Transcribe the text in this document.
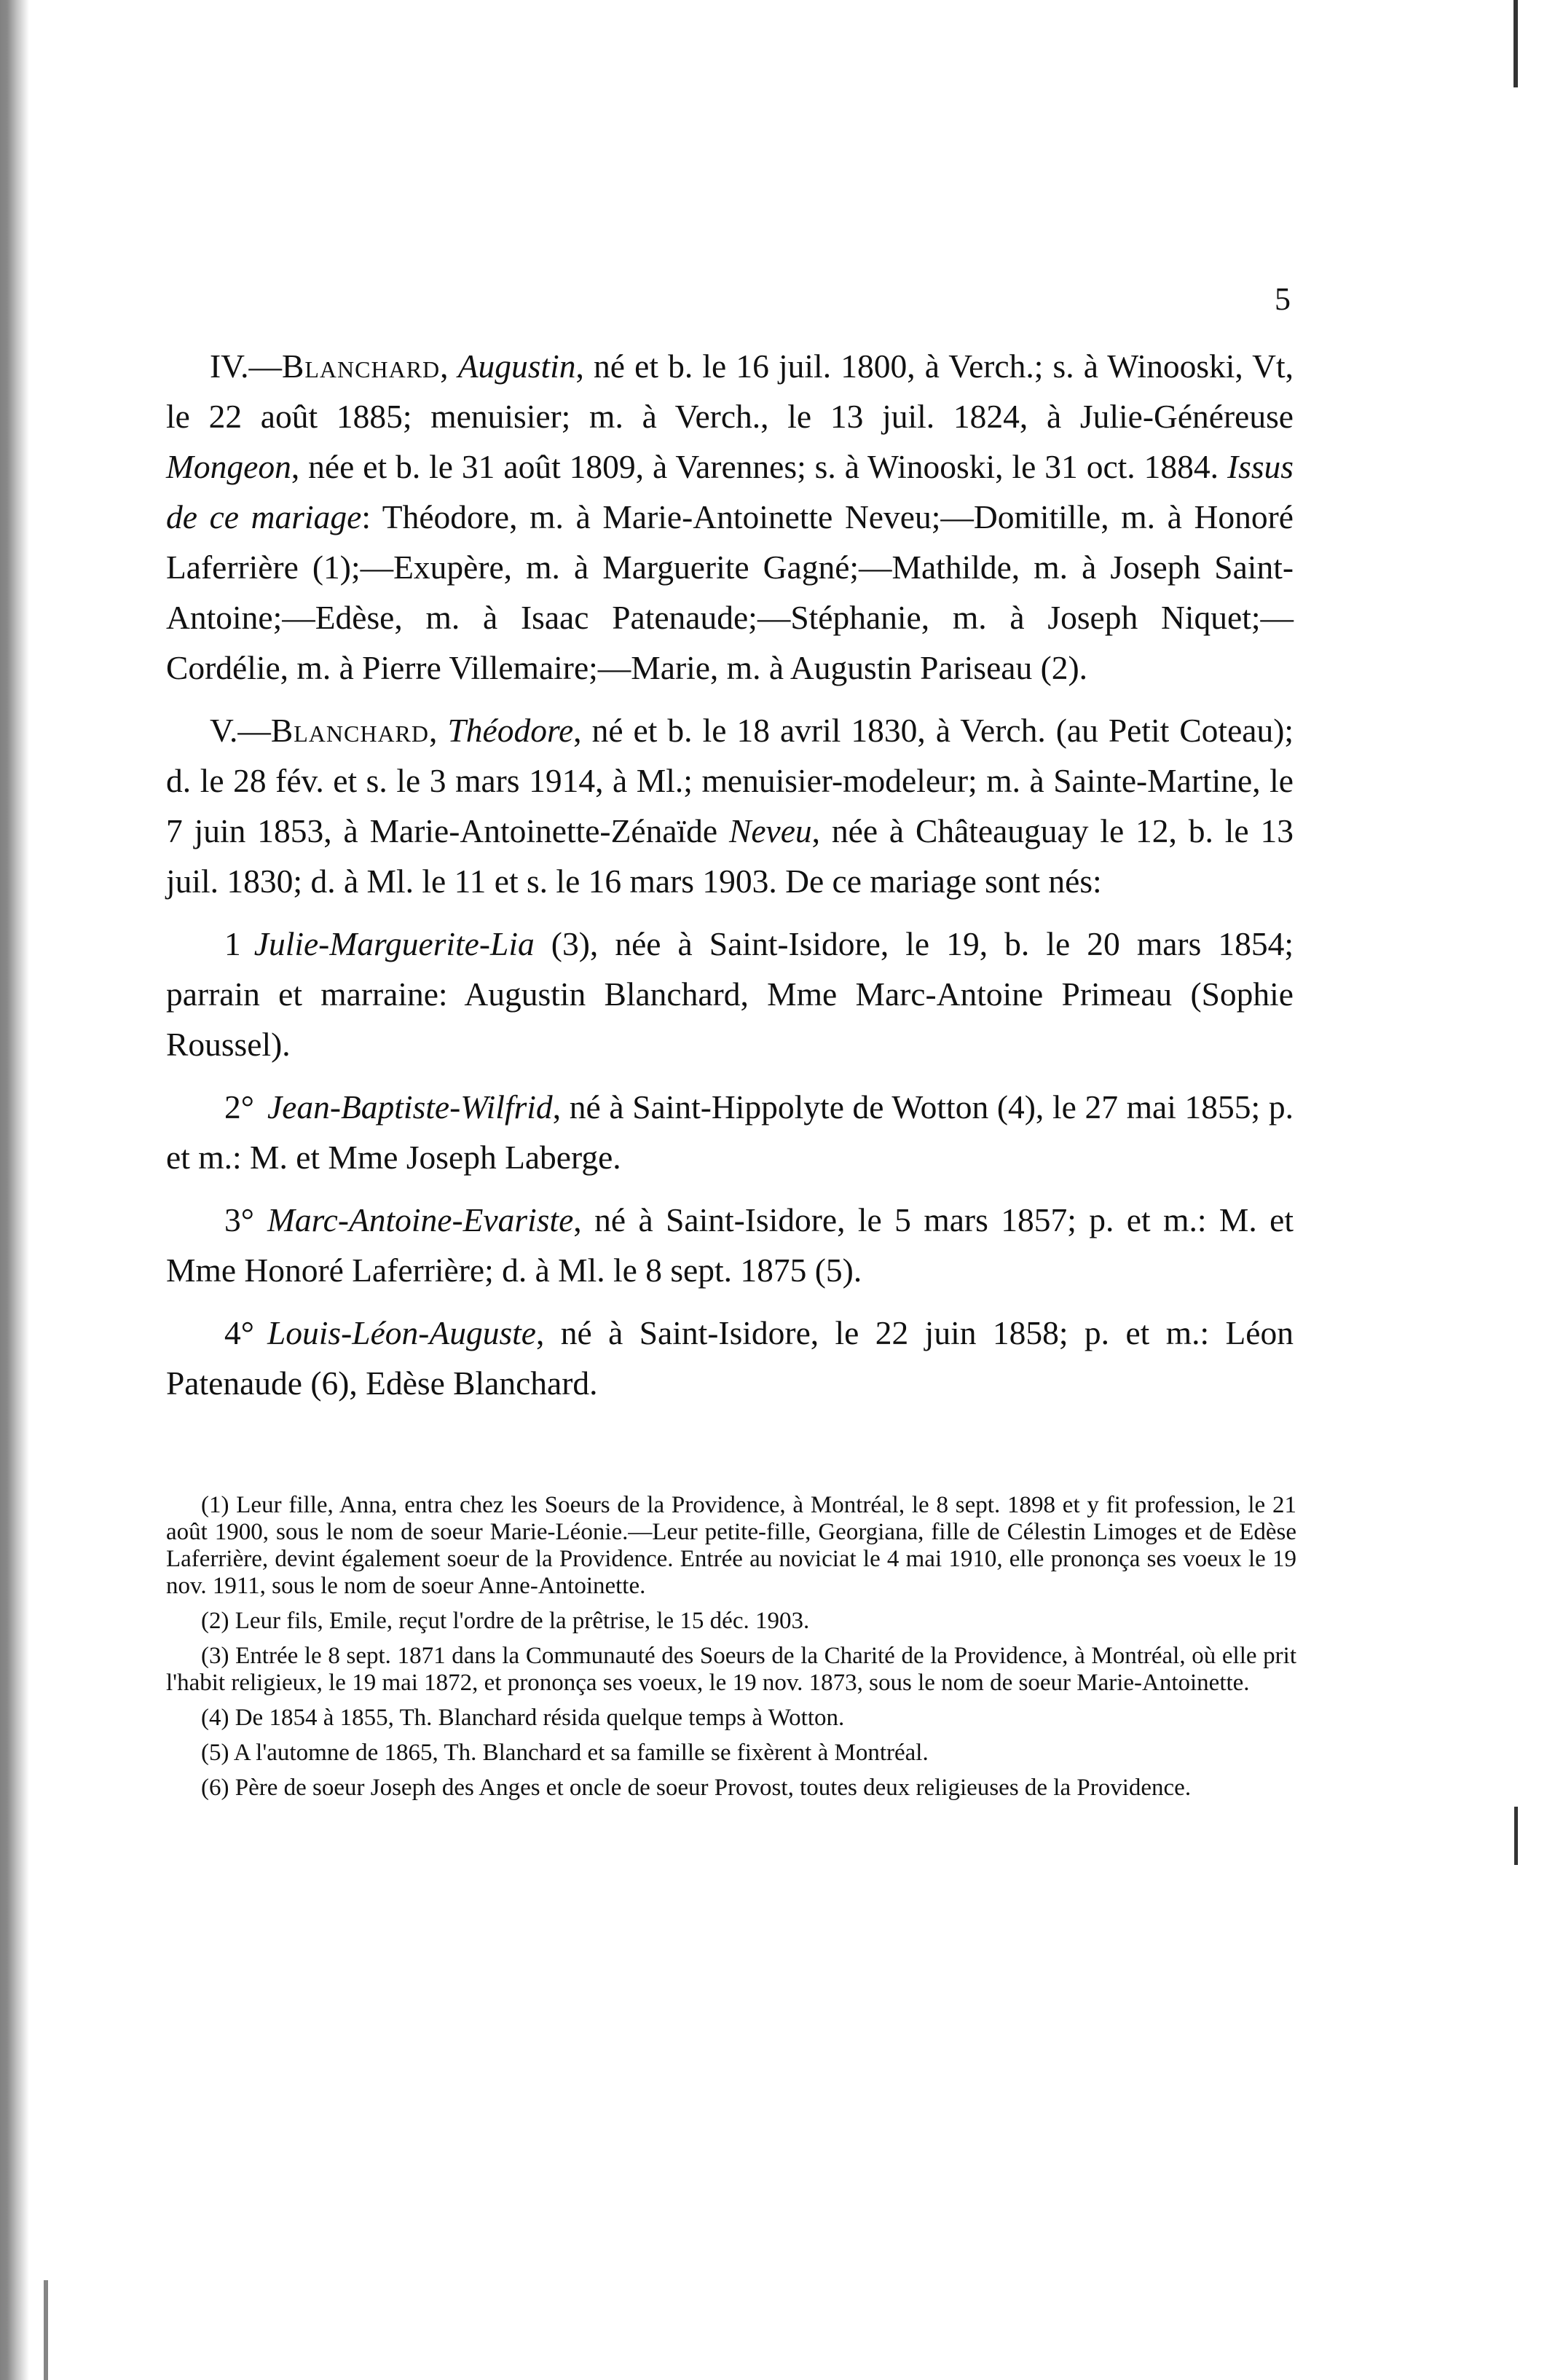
5

IV.—Blanchard, Augustin, né et b. le 16 juil. 1800, à Verch.; s. à Winooski, Vt, le 22 août 1885; menuisier; m. à Verch., le 13 juil. 1824, à Julie-Généreuse Mongeon, née et b. le 31 août 1809, à Varennes; s. à Winooski, le 31 oct. 1884. Issus de ce mariage: Théodore, m. à Marie-Antoinette Neveu;—Domitille, m. à Honoré Laferrière (1);—Exupère, m. à Marguerite Gagné;—Mathilde, m. à Joseph Saint-Antoine;—Edèse, m. à Isaac Patenaude;—Stéphanie, m. à Joseph Niquet;—Cordélie, m. à Pierre Villemaire;—Marie, m. à Augustin Pariseau (2).

V.—Blanchard, Théodore, né et b. le 18 avril 1830, à Verch. (au Petit Coteau); d. le 28 fév. et s. le 3 mars 1914, à Ml.; menuisier-modeleur; m. à Sainte-Martine, le 7 juin 1853, à Marie-Antoinette-Zénaïde Neveu, née à Châteauguay le 12, b. le 13 juil. 1830; d. à Ml. le 11 et s. le 16 mars 1903. De ce mariage sont nés:

1 Julie-Marguerite-Lia (3), née à Saint-Isidore, le 19, b. le 20 mars 1854; parrain et marraine: Augustin Blanchard, Mme Marc-Antoine Primeau (Sophie Roussel).

2° Jean-Baptiste-Wilfrid, né à Saint-Hippolyte de Wotton (4), le 27 mai 1855; p. et m.: M. et Mme Joseph Laberge.

3° Marc-Antoine-Evariste, né à Saint-Isidore, le 5 mars 1857; p. et m.: M. et Mme Honoré Laferrière; d. à Ml. le 8 sept. 1875 (5).

4° Louis-Léon-Auguste, né à Saint-Isidore, le 22 juin 1858; p. et m.: Léon Patenaude (6), Edèse Blanchard.

(1) Leur fille, Anna, entra chez les Soeurs de la Providence, à Montréal, le 8 sept. 1898 et y fit profession, le 21 août 1900, sous le nom de soeur Marie-Léonie.—Leur petite-fille, Georgiana, fille de Célestin Limoges et de Edèse Laferrière, devint également soeur de la Providence. Entrée au noviciat le 4 mai 1910, elle prononça ses voeux le 19 nov. 1911, sous le nom de soeur Anne-Antoinette.

(2) Leur fils, Emile, reçut l'ordre de la prêtrise, le 15 déc. 1903.

(3) Entrée le 8 sept. 1871 dans la Communauté des Soeurs de la Charité de la Providence, à Montréal, où elle prit l'habit religieux, le 19 mai 1872, et prononça ses voeux, le 19 nov. 1873, sous le nom de soeur Marie-Antoinette.

(4) De 1854 à 1855, Th. Blanchard résida quelque temps à Wotton.

(5) A l'automne de 1865, Th. Blanchard et sa famille se fixèrent à Montréal.

(6) Père de soeur Joseph des Anges et oncle de soeur Provost, toutes deux religieuses de la Providence.
